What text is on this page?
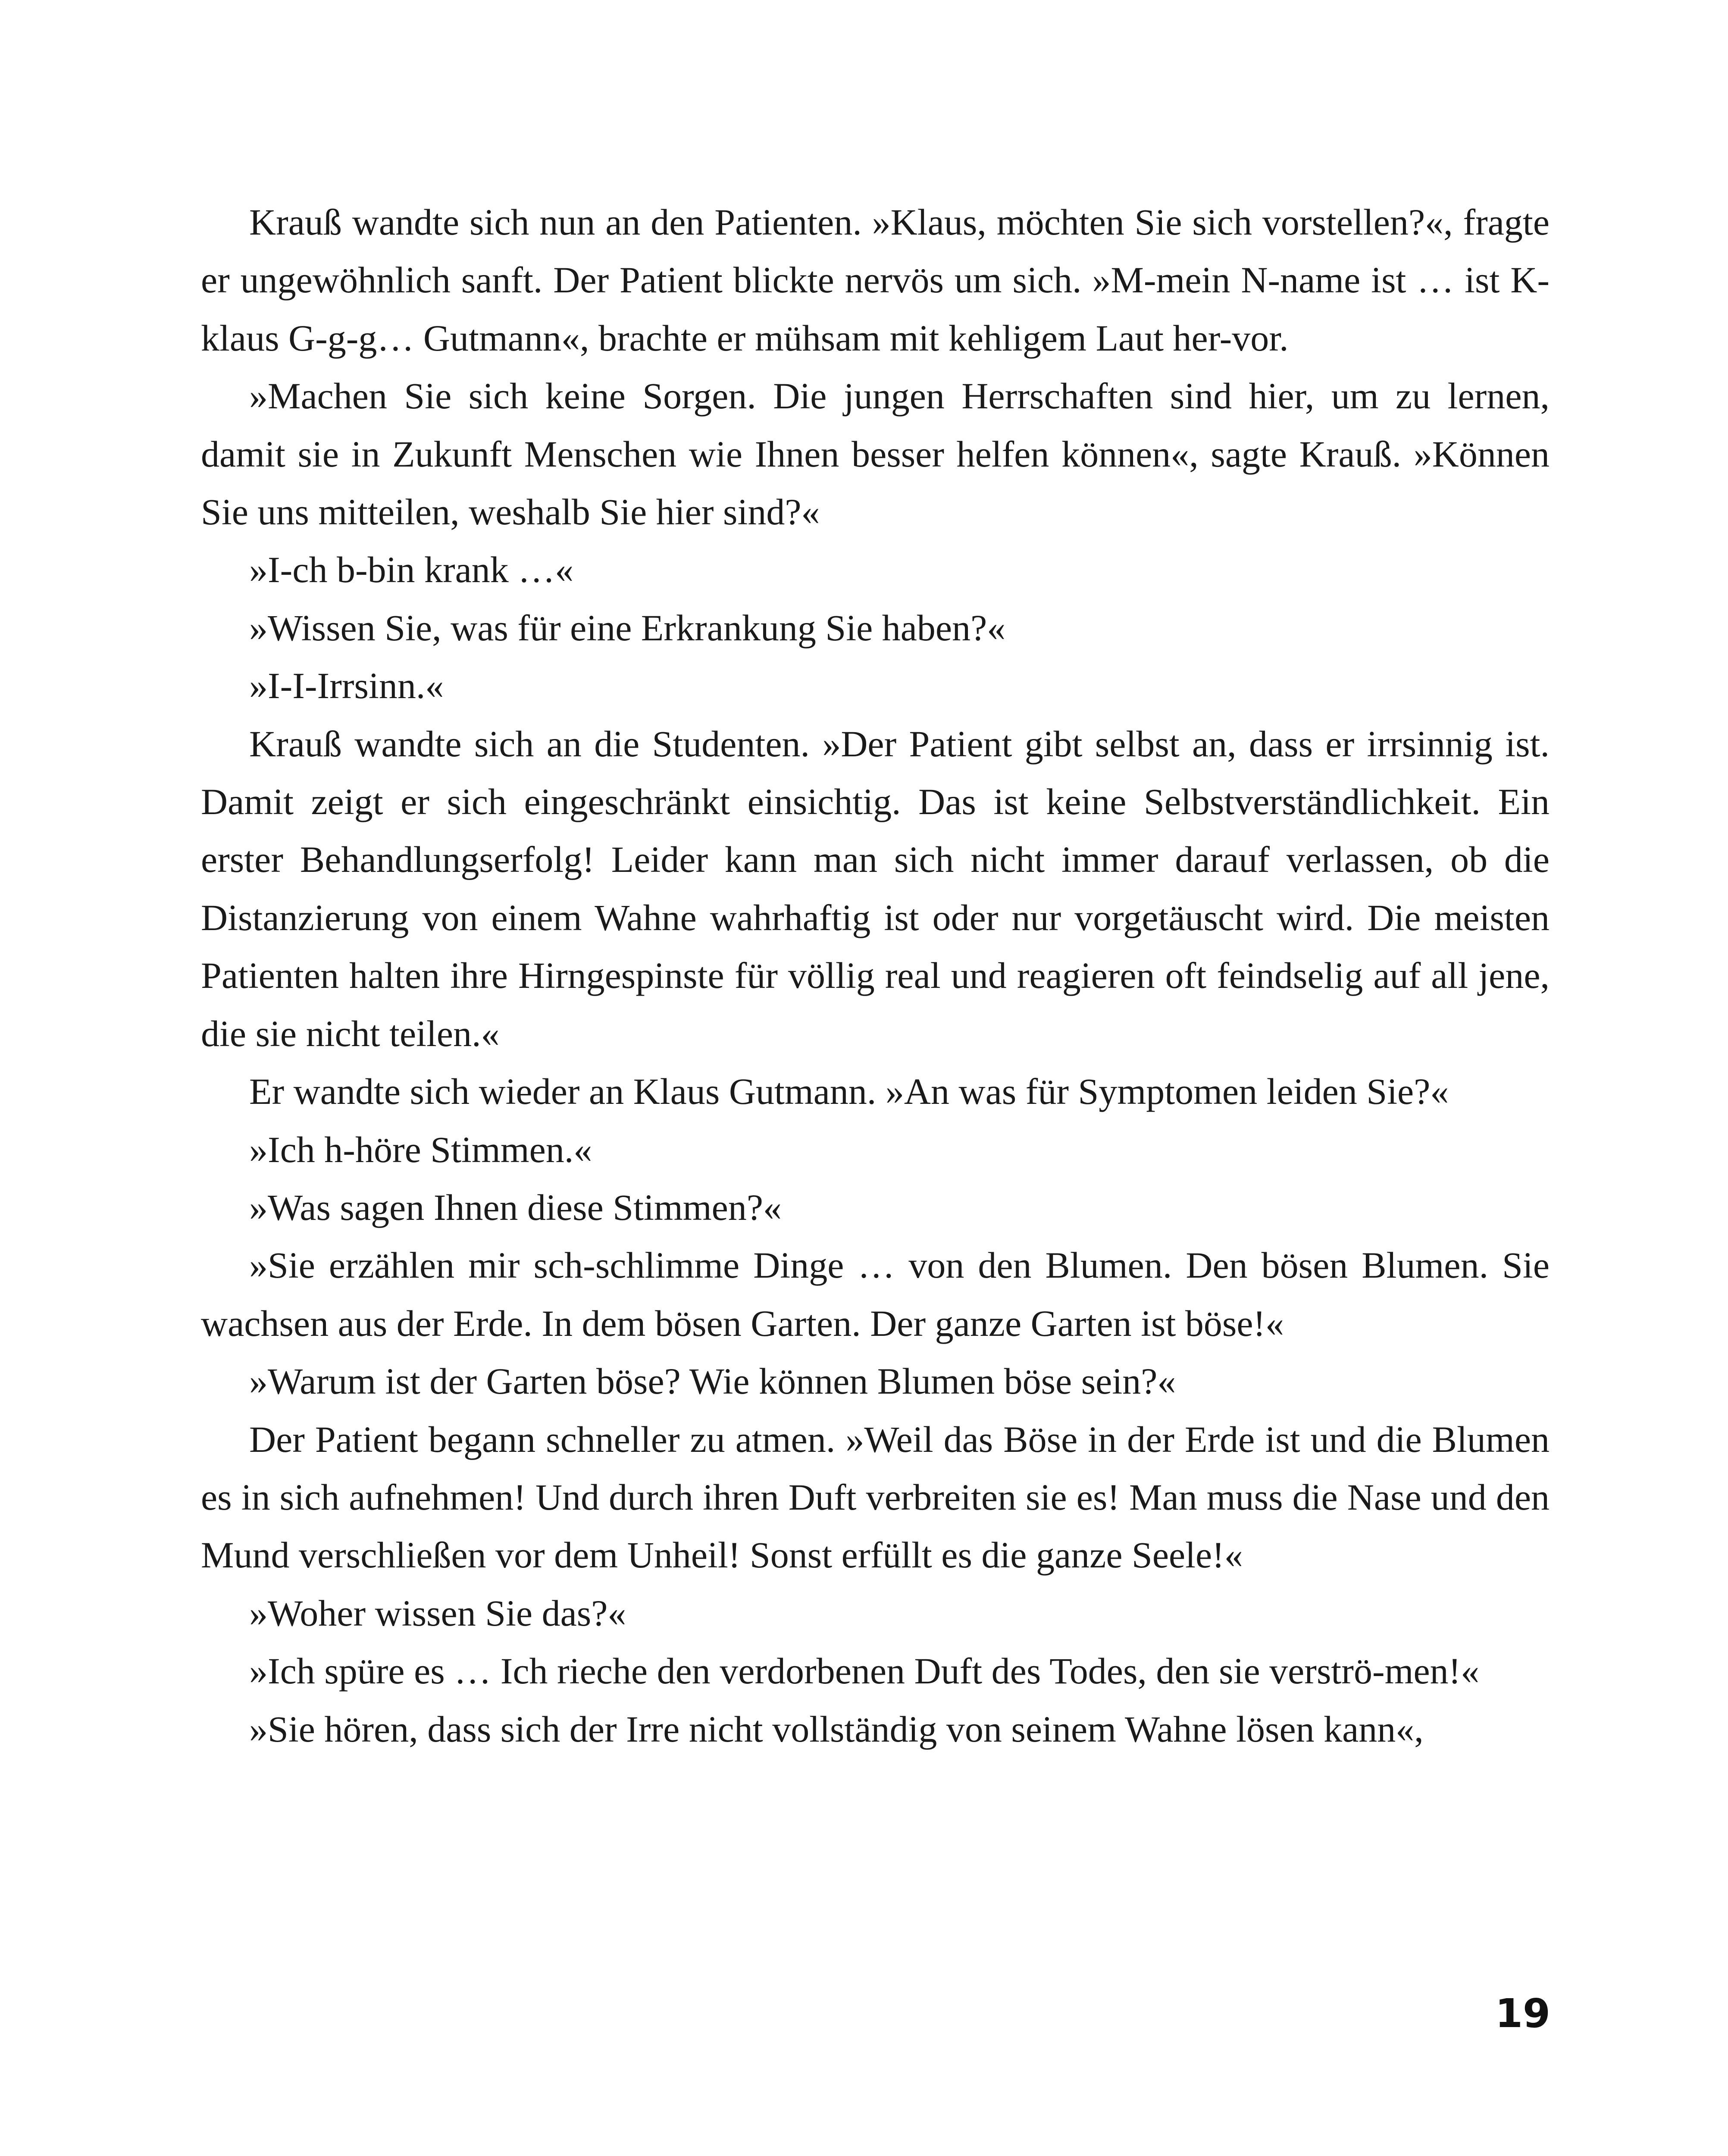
Krauß wandte sich nun an den Patienten. »Klaus, möchten Sie sich vorstellen?«, fragte er ungewöhnlich sanft. Der Patient blickte nervös um sich. »M-mein N-name ist … ist K-klaus G-g-g… Gutmann«, brachte er mühsam mit kehligem Laut her-vor.

»Machen Sie sich keine Sorgen. Die jungen Herrschaften sind hier, um zu lernen, damit sie in Zukunft Menschen wie Ihnen besser helfen können«, sagte Krauß. »Können Sie uns mitteilen, weshalb Sie hier sind?«

»I-ch b-bin krank …«

»Wissen Sie, was für eine Erkrankung Sie haben?«

»I-I-Irrsinn.«

Krauß wandte sich an die Studenten. »Der Patient gibt selbst an, dass er irrsinnig ist. Damit zeigt er sich eingeschränkt einsichtig. Das ist keine Selbstverständlichkeit. Ein erster Behandlungserfolg! Leider kann man sich nicht immer darauf verlassen, ob die Distanzierung von einem Wahne wahrhaftig ist oder nur vorgetäuscht wird. Die meisten Patienten halten ihre Hirngespinste für völlig real und reagieren oft feindselig auf all jene, die sie nicht teilen.«

Er wandte sich wieder an Klaus Gutmann. »An was für Symptomen leiden Sie?«

»Ich h-höre Stimmen.«

»Was sagen Ihnen diese Stimmen?«

»Sie erzählen mir sch-schlimme Dinge … von den Blumen. Den bösen Blumen. Sie wachsen aus der Erde. In dem bösen Garten. Der ganze Garten ist böse!«

»Warum ist der Garten böse? Wie können Blumen böse sein?«

Der Patient begann schneller zu atmen. »Weil das Böse in der Erde ist und die Blumen es in sich aufnehmen! Und durch ihren Duft verbreiten sie es! Man muss die Nase und den Mund verschließen vor dem Unheil! Sonst erfüllt es die ganze Seele!«

»Woher wissen Sie das?«

»Ich spüre es … Ich rieche den verdorbenen Duft des Todes, den sie verströ-men!«

»Sie hören, dass sich der Irre nicht vollständig von seinem Wahne lösen kann«,

19
